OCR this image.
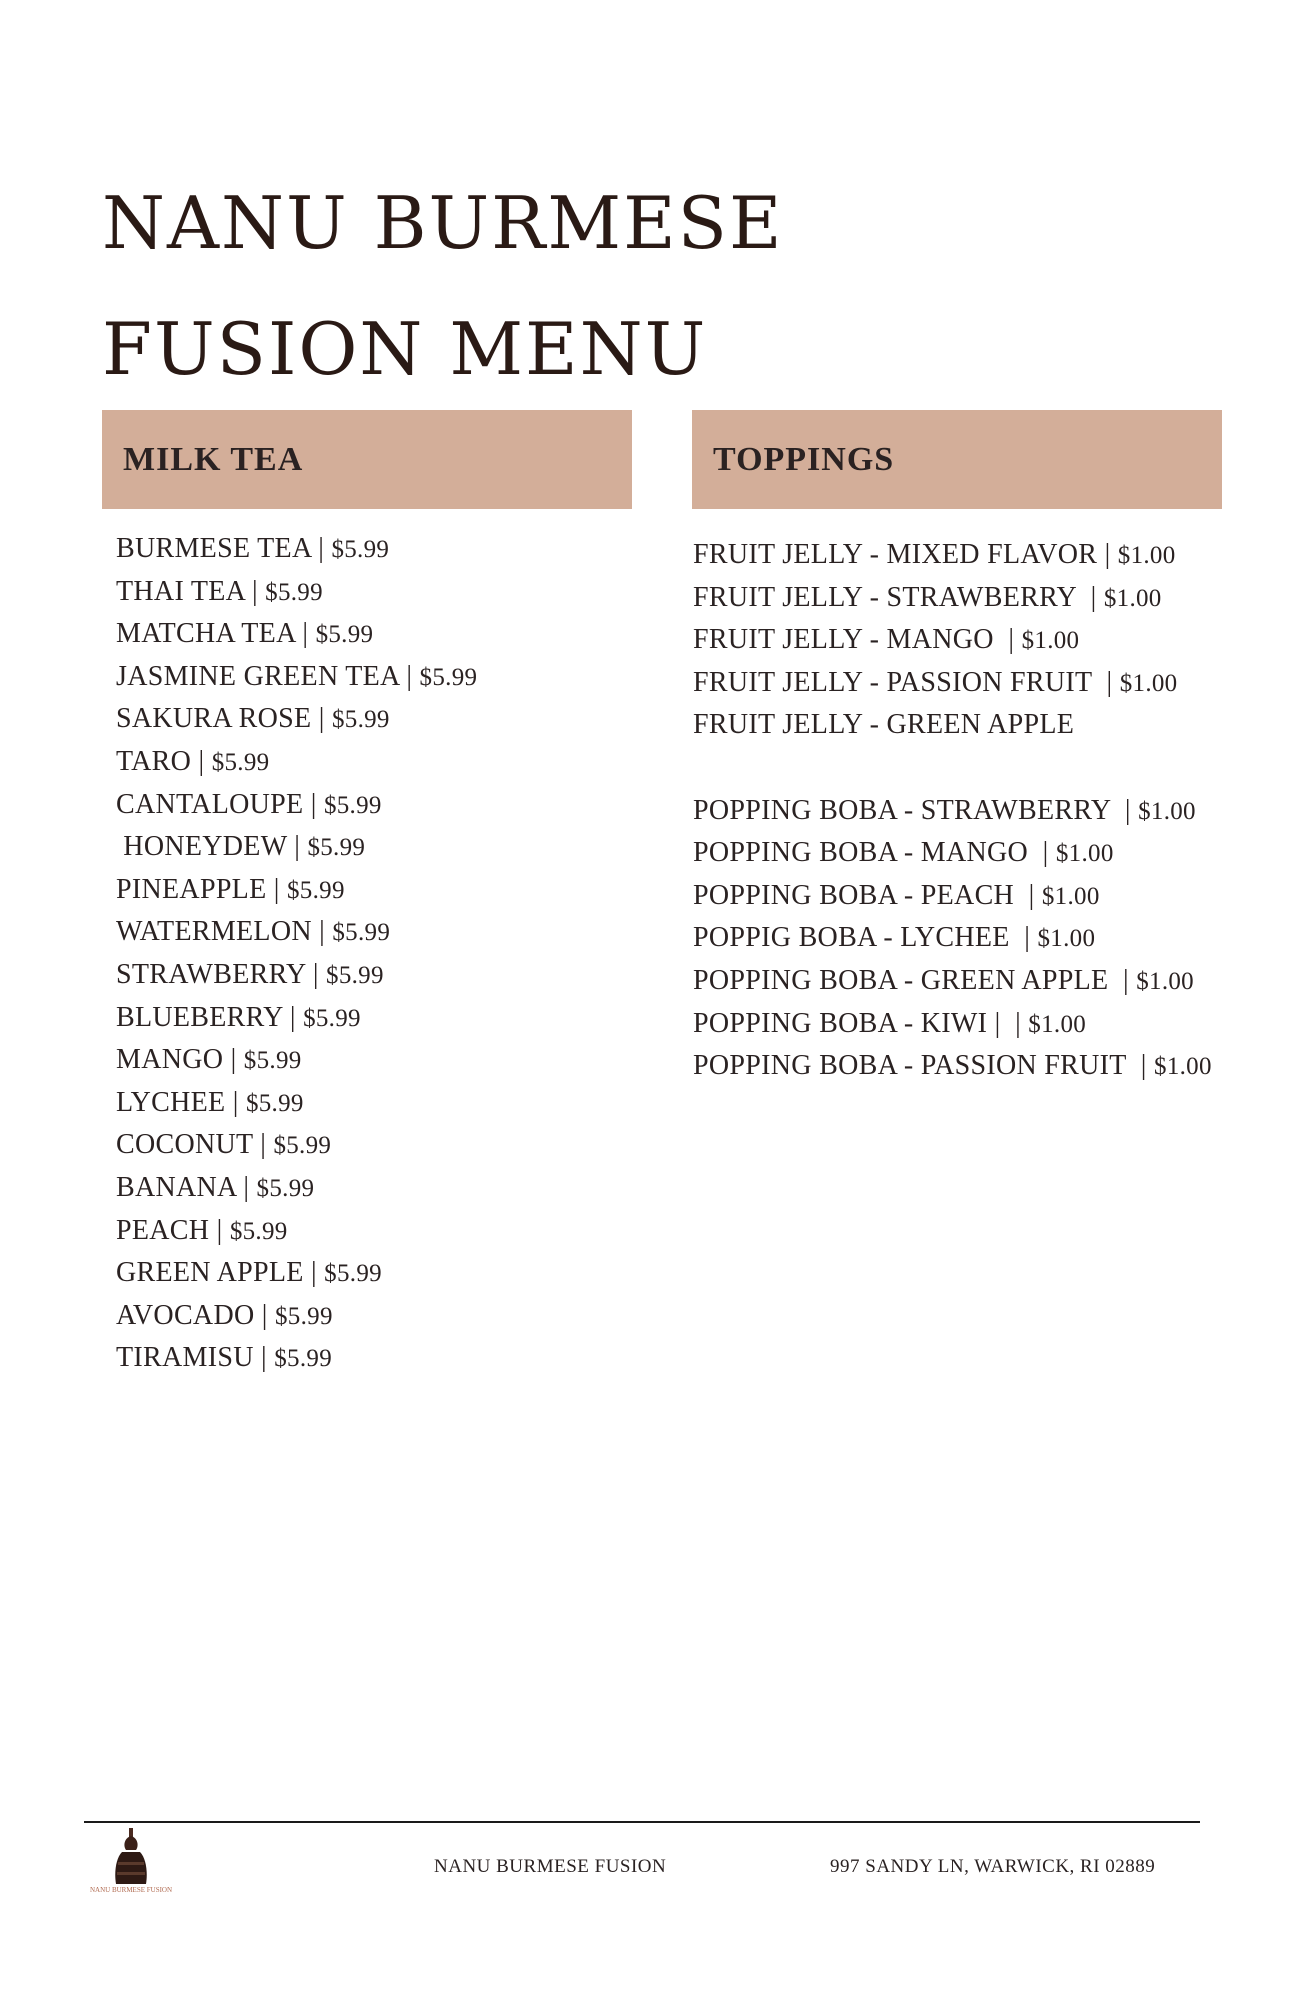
NANU BURMESE
FUSION MENU
MILK TEA	TOPPINGS
BURMESE TEA | $5.99
THAI TEA | $5.99
MATCHA TEA | $5.99
JASMINE GREEN TEA | $5.99
SAKURA ROSE | $5.99
TARO | $5.99
CANTALOUPE | $5.99
HONEYDEW | $5.99
PINEAPPLE | $5.99
WATERMELON | $5.99
STRAWBERRY | $5.99
BLUEBERRY | $5.99
MANGO | $5.99
LYCHEE | $5.99
COCONUT | $5.99
BANANA | $5.99
PEACH | $5.99
GREEN APPLE | $5.99
AVOCADO | $5.99
TIRAMISU | $5.99
FRUIT JELLY - MIXED FLAVOR | $1.00
FRUIT JELLY - STRAWBERRY  | $1.00
FRUIT JELLY - MANGO  | $1.00
FRUIT JELLY - PASSION FRUIT  | $1.00
FRUIT JELLY - GREEN APPLE
POPPING BOBA - STRAWBERRY  | $1.00
POPPING BOBA - MANGO  | $1.00
POPPING BOBA - PEACH  | $1.00
POPPIG BOBA - LYCHEE  | $1.00
POPPING BOBA - GREEN APPLE  | $1.00
POPPING BOBA - KIWI |  | $1.00
POPPING BOBA - PASSION FRUIT  | $1.00
NANU BURMESE FUSION
NANU BURMESE FUSION	997 SANDY LN, WARWICK, RI 02889
